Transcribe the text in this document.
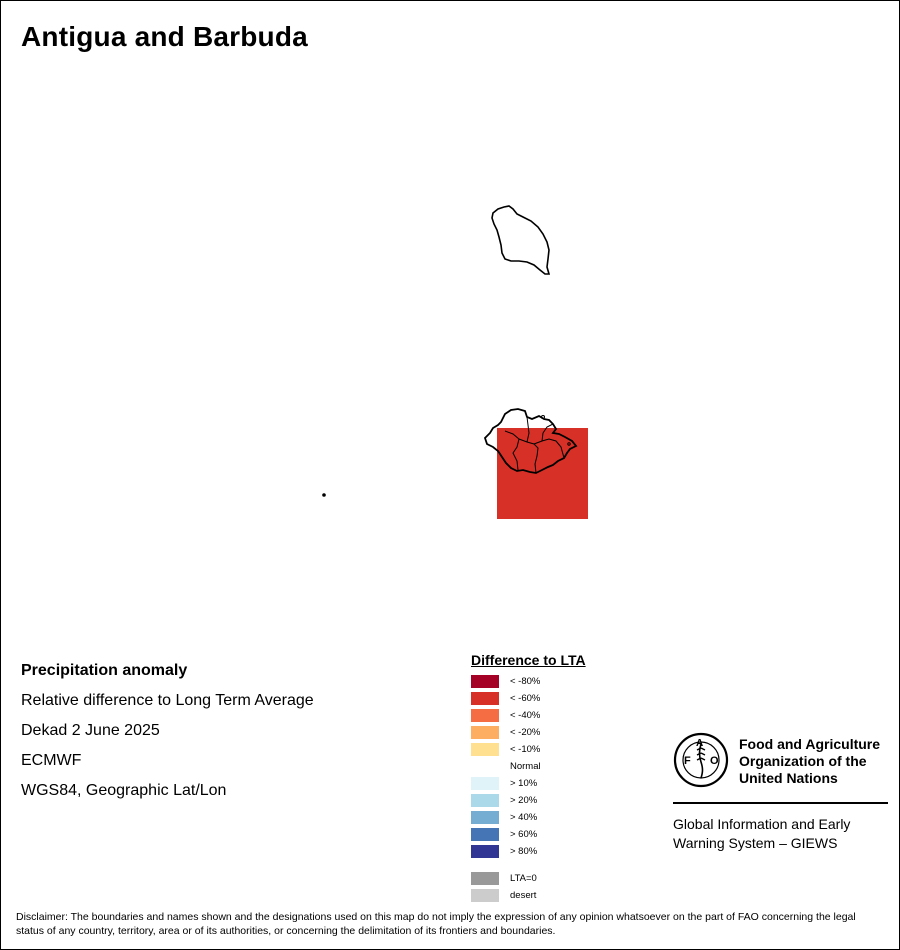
Antigua and Barbuda
Precipitation anomaly
Relative difference to Long Term Average
Dekad 2 June 2025
ECMWF
WGS84, Geographic Lat/Lon
Difference to LTA
< -80%
< -60%
< -40%
< -20%
< -10%
Normal
> 10%
> 20%
> 40%
> 60%
> 80%
LTA=0
desert
F
A
O
Food and Agriculture
Organization of the
United Nations
Global Information and Early
Warning System – GIEWS
Disclaimer: The boundaries and names shown and the designations used on this map do not imply the expression of any opinion whatsoever on the part of FAO concerning the legal status of any country, territory, area or of its authorities, or concerning the delimitation of its frontiers and boundaries.
